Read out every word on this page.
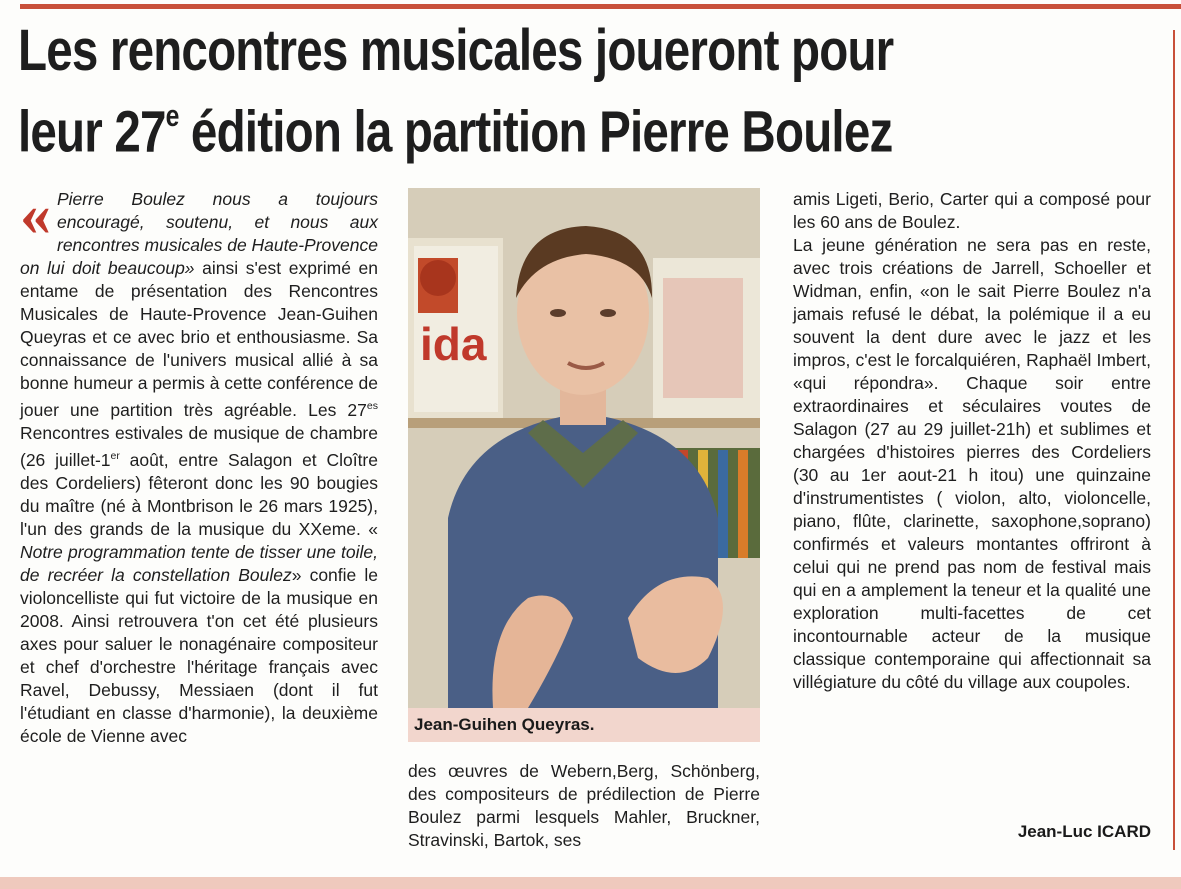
Les rencontres musicales joueront pour
leur 27e édition la partition Pierre Boulez

« Pierre Boulez nous a toujours encouragé, soutenu, et nous aux rencontres musicales de Haute-Provence on lui doit beaucoup» ainsi s'est exprimé en entame de présentation des Rencontres Musicales de Haute-Provence Jean-Guihen Queyras et ce avec brio et enthousiasme. Sa connaissance de l'univers musical allié à sa bonne humeur a permis à cette conférence de jouer une partition très agréable. Les $27^{es}$ Rencontres estivales de musique de chambre (26 juillet-1er août, entre Salagon et Cloître des Cordeliers) fêteront donc les 90 bougies du maître (né à Montbrison le 26 mars 1925), l'un des grands de la musique du XXeme. « Notre programmation tente de tisser une toile, de recréer la constellation Boulez» confie le violoncelliste qui fut victoire de la musique en 2008. Ainsi retrouvera t'on cet été plusieurs axes pour saluer le nonagénaire compositeur et chef d'orchestre l'héritage français avec Ravel, Debussy, Messiaen (dont il fut l'étudiant en classe d'harmonie), la deuxième école de Vienne avec

ida
Jean-Guihen Queyras.

des œuvres de Webern,Berg, Schönberg, des compositeurs de prédilection de Pierre Boulez parmi lesquels Mahler, Bruckner, Stravinski, Bartok, ses

amis Ligeti, Berio, Carter qui a composé pour les 60 ans de Boulez.

La jeune génération ne sera pas en reste, avec trois créations de Jarrell, Schoeller et Widman, enfin, «on le sait Pierre Boulez n'a jamais refusé le débat, la polémique il a eu souvent la dent dure avec le jazz et les impros, c'est le forcalquiéren, Raphaël Imbert, «qui répondra». Chaque soir entre extraordinaires et séculaires voutes de Salagon (27 au 29 juillet-21h) et sublimes et chargées d'histoires pierres des Cordeliers (30 au 1er aout-21 h itou) une quinzaine d'instrumentistes ( violon, alto, violoncelle, piano, flûte, clarinette, saxophone,soprano) confirmés et valeurs montantes offriront à celui qui ne prend pas nom de festival mais qui en a amplement la teneur et la qualité une exploration multi-facettes de cet incontournable acteur de la musique classique contemporaine qui affectionnait sa villégiature du côté du village aux coupoles.

Jean-Luc ICARD
